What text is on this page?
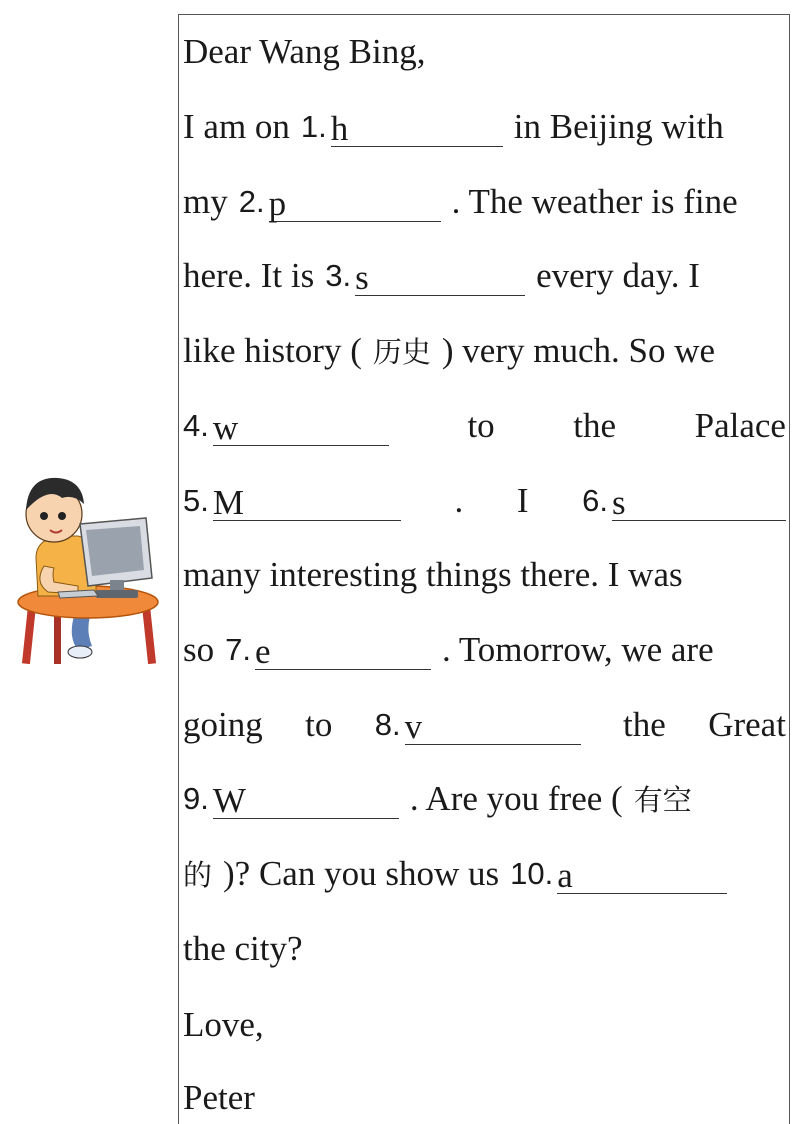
Dear Wang Bing,
I am on 1. h	in Beijing with
my 2. p	. The weather is fine
here. It is 3. s	every day. I
like history ( 历史 ) very much. So we
4. w	to the Palace
5. M	. I 6. s
many interesting things there. I was
so 7. e	. Tomorrow, we are
going to 8. v	the Great
9. W	. Are you free ( 有空
的 )? Can you show us 10. a
the city?
Love,
Peter
